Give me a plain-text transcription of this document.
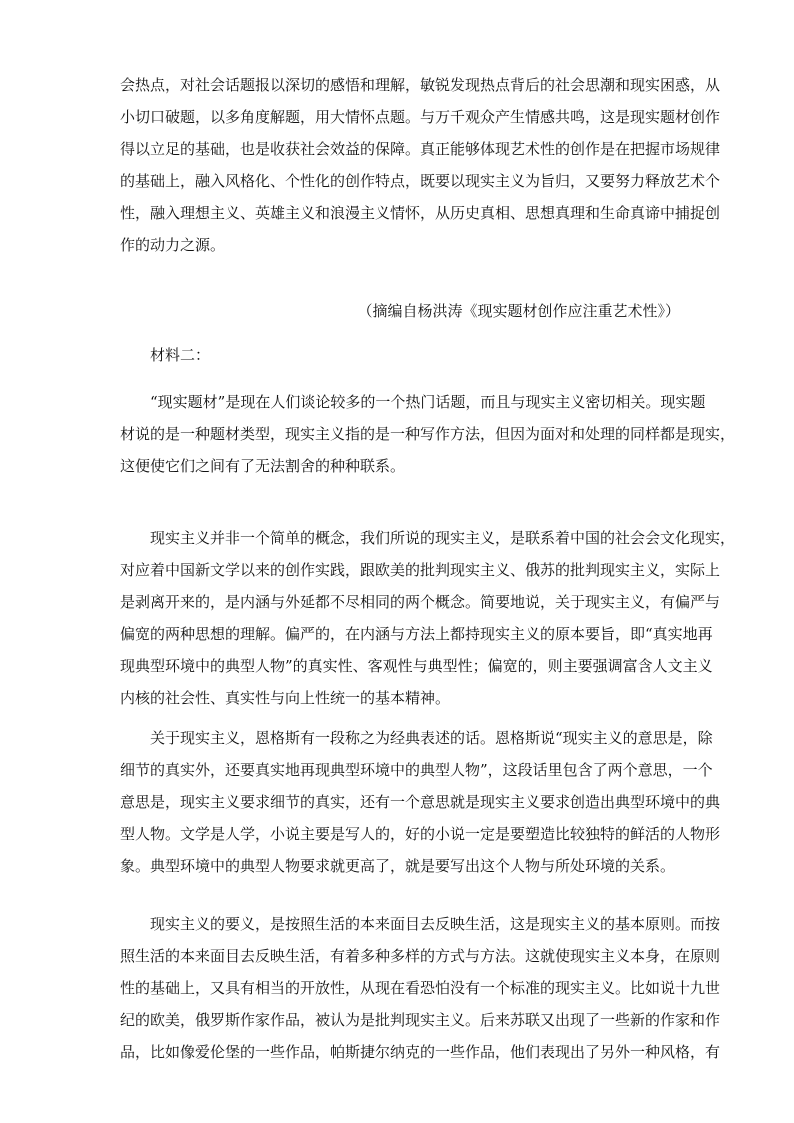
会热点，对社会话题报以深切的感悟和理解，敏锐发现热点背后的社会思潮和现实困惑，从
小切口破题，以多角度解题，用大情怀点题。与万千观众产生情感共鸣，这是现实题材创作
得以立足的基础，也是收获社会效益的保障。真正能够体现艺术性的创作是在把握市场规律
的基础上，融入风格化、个性化的创作特点，既要以现实主义为旨归，又要努力释放艺术个
性，融入理想主义、英雄主义和浪漫主义情怀，从历史真相、思想真理和生命真谛中捕捉创
作的动力之源。
（摘编自杨洪涛《现实题材创作应注重艺术性》）
材料二：
“现实题材”是现在人们谈论较多的一个热门话题，而且与现实主义密切相关。现实题
材说的是一种题材类型，现实主义指的是一种写作方法，但因为面对和处理的同样都是现实，
这便使它们之间有了无法割舍的种种联系。
现实主义并非一个简单的概念，我们所说的现实主义，是联系着中国的社会会文化现实，
对应着中国新文学以来的创作实践，跟欧美的批判现实主义、俄苏的批判现实主义，实际上
是剥离开来的，是内涵与外延都不尽相同的两个概念。简要地说，关于现实主义，有偏严与
偏宽的两种思想的理解。偏严的，在内涵与方法上都持现实主义的原本要旨，即“真实地再
现典型环境中的典型人物”的真实性、客观性与典型性；偏宽的，则主要强调富含人文主义
内核的社会性、真实性与向上性统一的基本精神。
关于现实主义，恩格斯有一段称之为经典表述的话。恩格斯说“现实主义的意思是，除
细节的真实外，还要真实地再现典型环境中的典型人物”，这段话里包含了两个意思，一个
意思是，现实主义要求细节的真实，还有一个意思就是现实主义要求创造出典型环境中的典
型人物。文学是人学，小说主要是写人的，好的小说一定是要塑造比较独特的鲜活的人物形
象。典型环境中的典型人物要求就更高了，就是要写出这个人物与所处环境的关系。
现实主义的要义，是按照生活的本来面目去反映生活，这是现实主义的基本原则。而按
照生活的本来面目去反映生活，有着多种多样的方式与方法。这就使现实主义本身，在原则
性的基础上，又具有相当的开放性，从现在看恐怕没有一个标准的现实主义。比如说十九世
纪的欧美，俄罗斯作家作品，被认为是批判现实主义。后来苏联又出现了一些新的作家和作
品，比如像爱伦堡的一些作品，帕斯捷尔纳克的一些作品，他们表现出了另外一种风格，有
